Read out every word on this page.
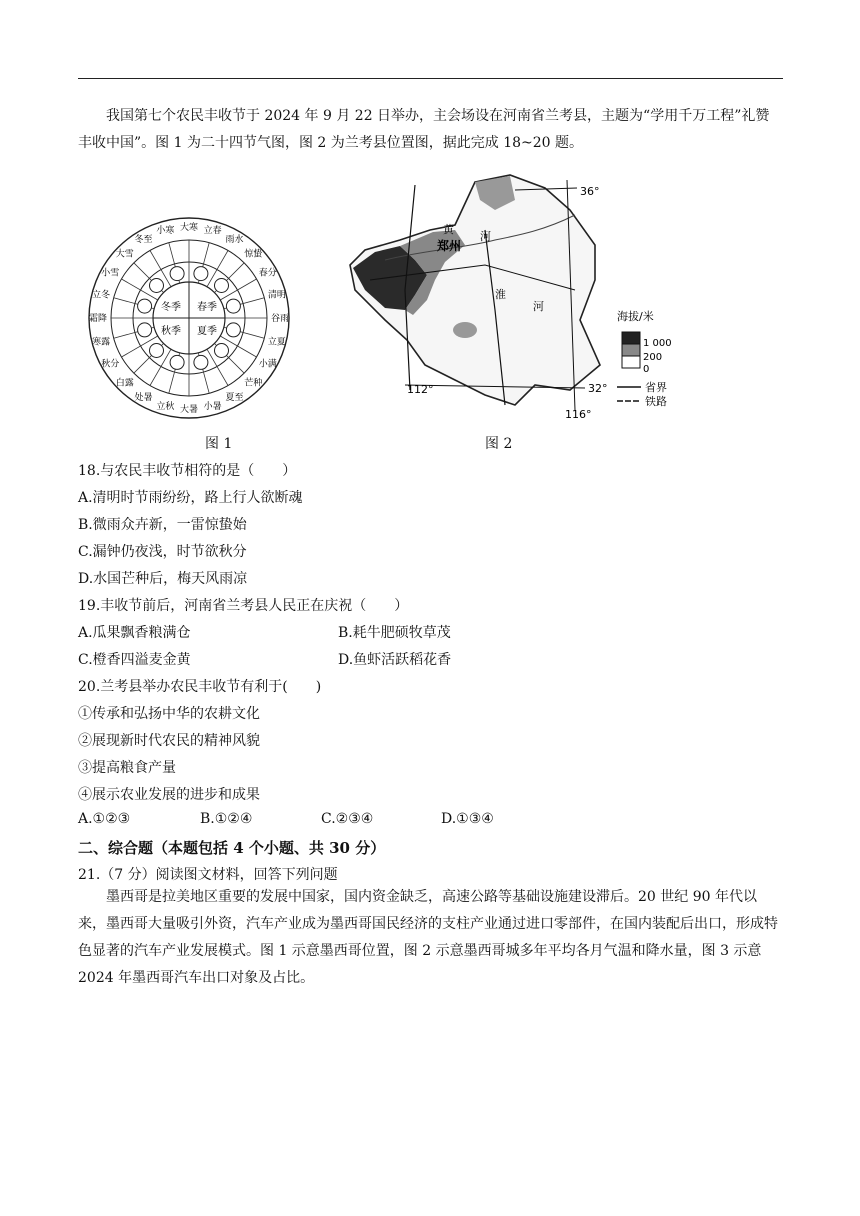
我国第七个农民丰收节于 2024 年 9 月 22 日举办，主会场设在河南省兰考县，主题为“学用千万工程”礼赞丰收中国”。图 1 为二十四节气图，图 2 为兰考县位置图，据此完成 18~20 题。
冬季 春季
秋季 夏季
立春
雨水
惊蛰
春分
清明
谷雨
立夏
小满
芒种
夏至
小暑
大暑
立秋
处暑
白露
秋分
寒露
霜降
立冬
小雪
大雪
冬至
小寒 大寒
36°
32°
112°
116°
黄
郑州
河
淮
河
海拔/米
1 000
200
0
省界
铁路
图 1	图 2
18.与农民丰收节相符的是（　　）
A.清明时节雨纷纷，路上行人欲断魂
B.微雨众卉新，一雷惊蛰始
C.漏钟仍夜浅，时节欲秋分
D.水国芒种后，梅天风雨凉
19.丰收节前后，河南省兰考县人民正在庆祝（　　）
A.瓜果飘香粮满仓	B.耗牛肥硕牧草茂
C.橙香四溢麦金黄	D.鱼虾活跃稻花香
20.兰考县举办农民丰收节有利于(　　)
①传承和弘扬中华的农耕文化
②展现新时代农民的精神风貌
③提高粮食产量
④展示农业发展的进步和成果
A.①②③	B.①②④	C.②③④	D.①③④
二、综合题（本题包括 4 个小题、共 30 分）
21.（7 分）阅读图文材料，回答下列问题
墨西哥是拉美地区重要的发展中国家，国内资金缺乏，高速公路等基础设施建设滞后。20 世纪 90 年代以来，墨西哥大量吸引外资，汽车产业成为墨西哥国民经济的支柱产业通过进口零部件，在国内装配后出口，形成特色显著的汽车产业发展模式。图 1 示意墨西哥位置，图 2 示意墨西哥城多年平均各月气温和降水量，图 3 示意 2024 年墨西哥汽车出口对象及占比。
